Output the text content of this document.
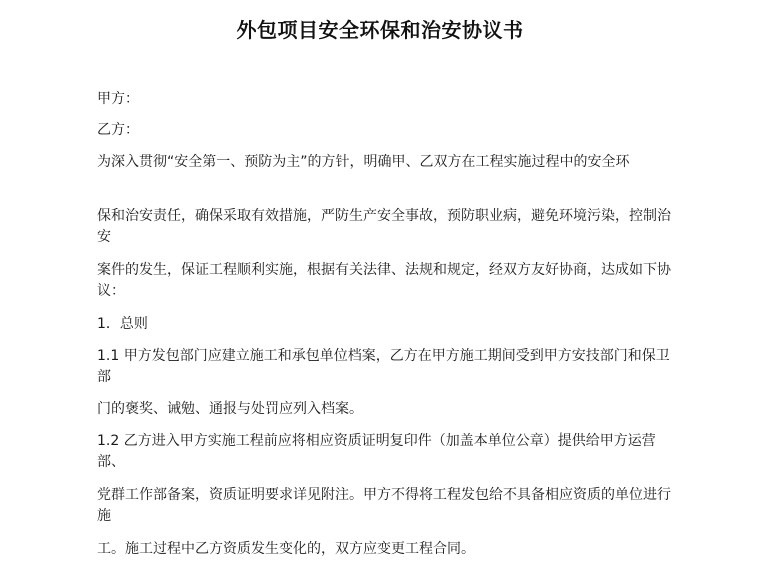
外包项目安全环保和治安协议书
甲方：
乙方：
为深入贯彻“安全第一、预防为主”的方针，明确甲、乙双方在工程实施过程中的安全环
保和治安责任，确保采取有效措施，严防生产安全事故，预防职业病，避免环境污染，控制治安
案件的发生，保证工程顺利实施，根据有关法律、法规和规定，经双方友好协商，达成如下协议：
1．总则
1.1 甲方发包部门应建立施工和承包单位档案，乙方在甲方施工期间受到甲方安技部门和保卫部
门的褒奖、诫勉、通报与处罚应列入档案。
1.2 乙方进入甲方实施工程前应将相应资质证明复印件（加盖本单位公章）提供给甲方运营部、
党群工作部备案，资质证明要求详见附注。甲方不得将工程发包给不具备相应资质的单位进行施
工。施工过程中乙方资质发生变化的，双方应变更工程合同。
